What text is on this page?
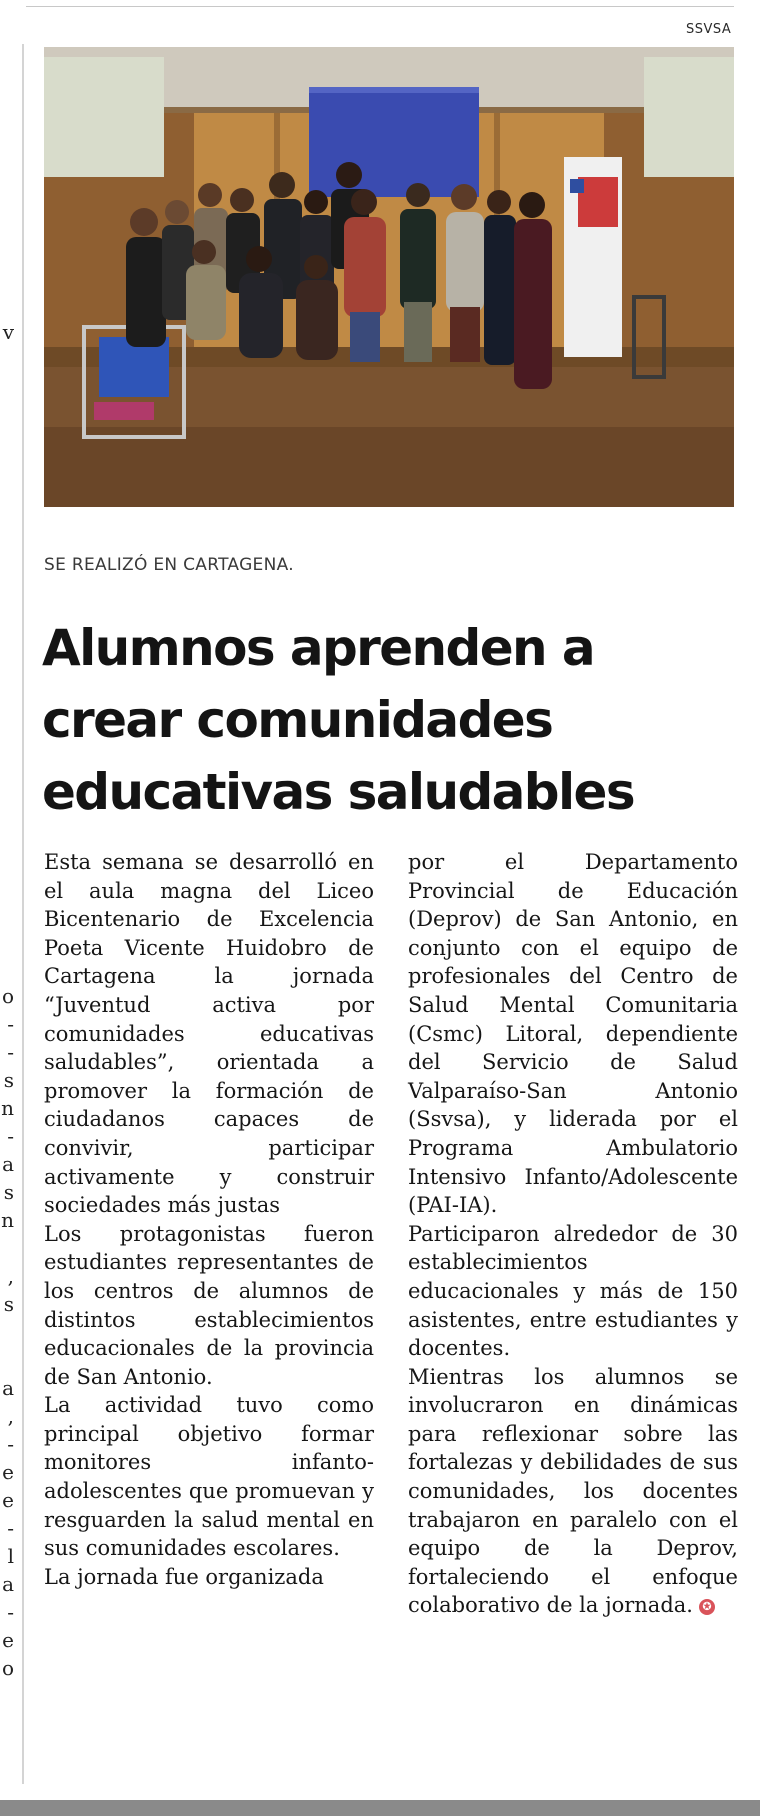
v
o
-
-
s
n
-
a
s
n
,
s
a
,
-
e
e
-
l
a
-
e
o
SSVSA
SE REALIZÓ EN CARTAGENA.
Alumnos aprenden a
crear comunidades
educativas saludables

Esta semana se desarrolló en el aula magna del Liceo Bicentenario de Excelencia Poeta Vicente Huidobro de Cartagena la jornada “Juventud activa por comunidades educativas saludables”, orientada a promover la formación de ciudadanos capaces de convivir, participar activamente y construir sociedades más justas

Los protagonistas fueron estudiantes representantes de los centros de alumnos de distintos establecimientos educacionales de la provincia de San Antonio.

La actividad tuvo como principal objetivo formar monitores infanto-adolescentes que promuevan y resguarden la salud mental en sus comunidades escolares.

La jornada fue organizada

por el Departamento Provincial de Educación (Deprov) de San Antonio, en conjunto con el equipo de profesionales del Centro de Salud Mental Comunitaria (Csmc) Litoral, dependiente del Servicio de Salud Valparaíso-San Antonio (Ssvsa), y liderada por el Programa Ambulatorio Intensivo Infanto/Adolescente (PAI-IA).

Participaron alrededor de 30 establecimientos educacionales y más de 150 asistentes, entre estudiantes y docentes.

Mientras los alumnos se involucraron en dinámicas para reflexionar sobre las fortalezas y debilidades de sus comunidades, los docentes trabajaron en paralelo con el equipo de la Deprov, fortaleciendo el enfoque colaborativo de la jornada. ✪
